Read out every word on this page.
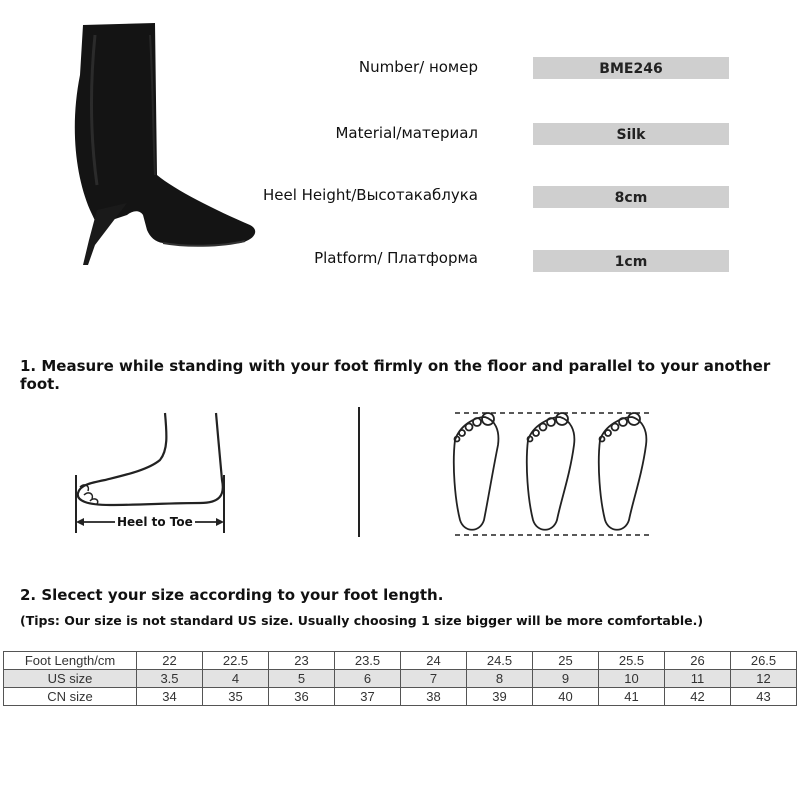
Number/ номер	BME246
Material/материал	Silk
Heel Height/Высотакаблука	8cm
Platform/ Платформа	1cm
1. Measure while standing with your foot firmly on the floor and parallel to your another foot.
Heel to Toe
2. Slecect your size according to your foot length.
(Tips: Our size is not standard US size. Usually choosing 1 size bigger will be more comfortable.)
Foot Length/cm	22	22.5	23	23.5	24	24.5	25	25.5	26	26.5
US size	3.5	4	5	6	7	8	9	10	11	12
CN size	34	35	36	37	38	39	40	41	42	43
